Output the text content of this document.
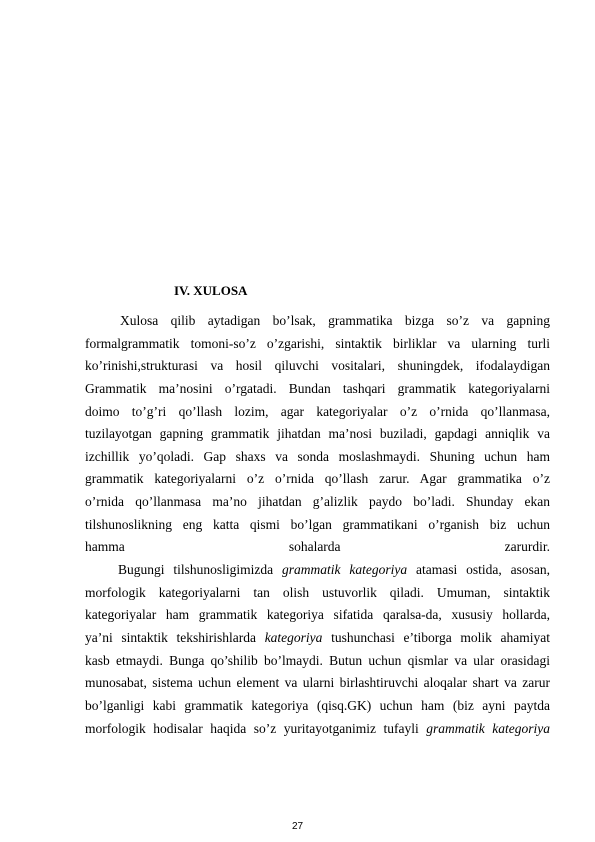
IV. XULOSA
Xulosa qilib aytadigan bo’lsak, grammatika bizga so’z va gapning
formalgrammatik tomoni-so’z o’zgarishi, sintaktik birliklar va ularning turli
ko’rinishi,strukturasi va hosil qiluvchi vositalari, shuningdek, ifodalaydigan
Grammatik ma’nosini o’rgatadi. Bundan tashqari grammatik kategoriyalarni
doimo to’g’ri qo’llash lozim, agar kategoriyalar o’z o’rnida qo’llanmasa,
tuzilayotgan gapning grammatik jihatdan ma’nosi buziladi, gapdagi anniqlik va
izchillik yo’qoladi. Gap shaxs va sonda moslashmaydi. Shuning uchun ham
grammatik kategoriyalarni o’z o’rnida qo’llash zarur. Agar grammatika o’z
o’rnida qo’llanmasa ma’no jihatdan g’alizlik paydo bo’ladi. Shunday ekan
tilshunoslikning eng katta qismi bo’lgan grammatikani o’rganish biz uchun
hamma sohalarda zarurdir.
Bugungi tilshunosligimizda grammatik kategoriya atamasi ostida, asosan,
morfologik kategoriyalarni tan olish ustuvorlik qiladi. Umuman, sintaktik
kategoriyalar ham grammatik kategoriya sifatida qaralsa-da, xususiy hollarda,
ya’ni sintaktik tekshirishlarda kategoriya tushunchasi e’tiborga molik ahamiyat
kasb etmaydi. Bunga qo’shilib bo’lmaydi. Butun uchun qismlar va ular orasidagi
munosabat, sistema uchun element va ularni birlashtiruvchi aloqalar shart va zarur
bo’lganligi kabi grammatik kategoriya (qisq.GK) uchun ham (biz ayni paytda
morfologik hodisalar haqida so’z yuritayotganimiz tufayli grammatik kategoriya
27
